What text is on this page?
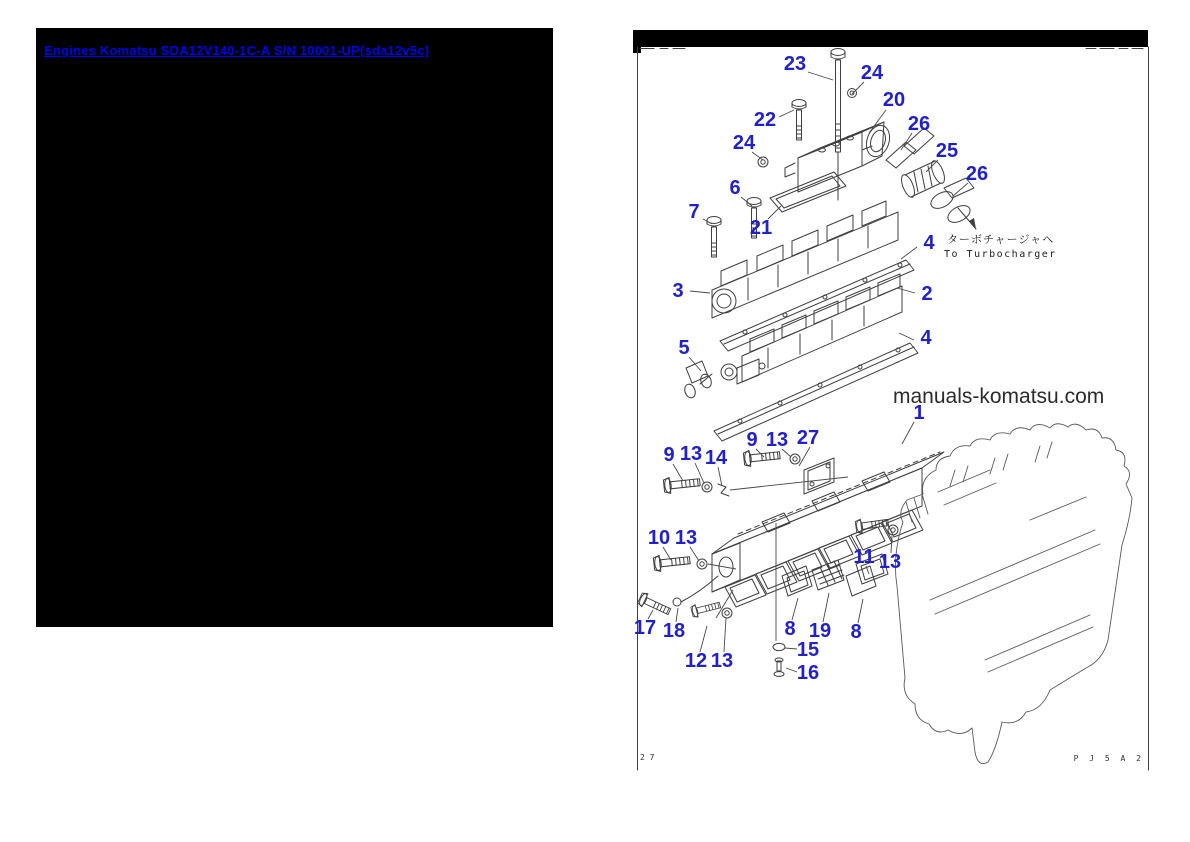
Engines Komatsu SDA12V140-1C-A S/N 10001-UP(sda12v5c)
2 7	P J 5 A 2
manuals-komatsu.com
ターボチャージャヘ
To Turbocharger
23	24
20
22	26
24	25
26
6
7
21
4
3	2
4
5
1
9 13 27
9 13 14
10 13
11 13
17 18	8 19 8
12 13	15
16
